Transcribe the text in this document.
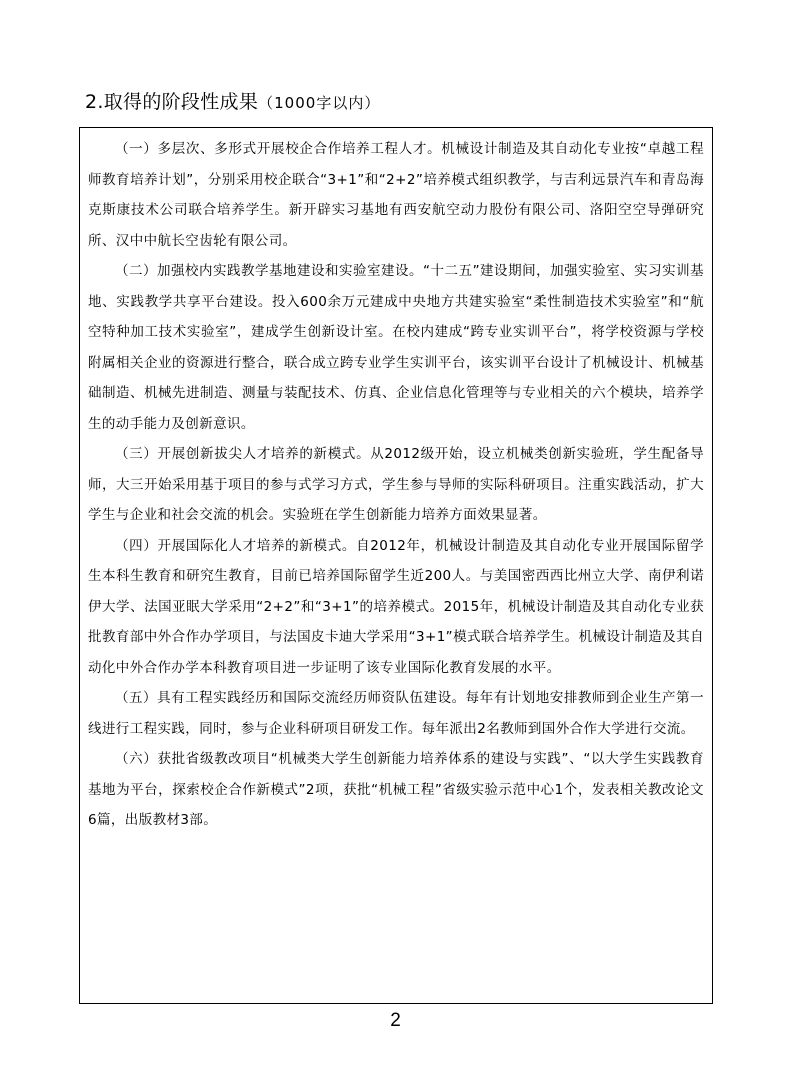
2.取得的阶段性成果（1000字以内）

（一）多层次、多形式开展校企合作培养工程人才。机械设计制造及其自动化专业按“卓越工程师教育培养计划”，分别采用校企联合“3+1”和“2+2”培养模式组织教学，与吉利远景汽车和青岛海克斯康技术公司联合培养学生。新开辟实习基地有西安航空动力股份有限公司、洛阳空空导弹研究所、汉中中航长空齿轮有限公司。

（二）加强校内实践教学基地建设和实验室建设。“十二五”建设期间，加强实验室、实习实训基地、实践教学共享平台建设。投入600余万元建成中央地方共建实验室“柔性制造技术实验室”和“航空特种加工技术实验室”，建成学生创新设计室。在校内建成“跨专业实训平台”，将学校资源与学校附属相关企业的资源进行整合，联合成立跨专业学生实训平台，该实训平台设计了机械设计、机械基础制造、机械先进制造、测量与装配技术、仿真、企业信息化管理等与专业相关的六个模块，培养学生的动手能力及创新意识。

（三）开展创新拔尖人才培养的新模式。从2012级开始，设立机械类创新实验班，学生配备导师，大三开始采用基于项目的参与式学习方式，学生参与导师的实际科研项目。注重实践活动，扩大学生与企业和社会交流的机会。实验班在学生创新能力培养方面效果显著。

（四）开展国际化人才培养的新模式。自2012年，机械设计制造及其自动化专业开展国际留学生本科生教育和研究生教育，目前已培养国际留学生近200人。与美国密西西比州立大学、南伊利诺伊大学、法国亚眠大学采用“2+2”和“3+1”的培养模式。2015年，机械设计制造及其自动化专业获批教育部中外合作办学项目，与法国皮卡迪大学采用“3+1”模式联合培养学生。机械设计制造及其自动化中外合作办学本科教育项目进一步证明了该专业国际化教育发展的水平。

（五）具有工程实践经历和国际交流经历师资队伍建设。每年有计划地安排教师到企业生产第一线进行工程实践，同时，参与企业科研项目研发工作。每年派出2名教师到国外合作大学进行交流。

（六）获批省级教改项目“机械类大学生创新能力培养体系的建设与实践”、“以大学生实践教育基地为平台，探索校企合作新模式”2项，获批“机械工程”省级实验示范中心1个，发表相关教改论文6篇，出版教材3部。

2
